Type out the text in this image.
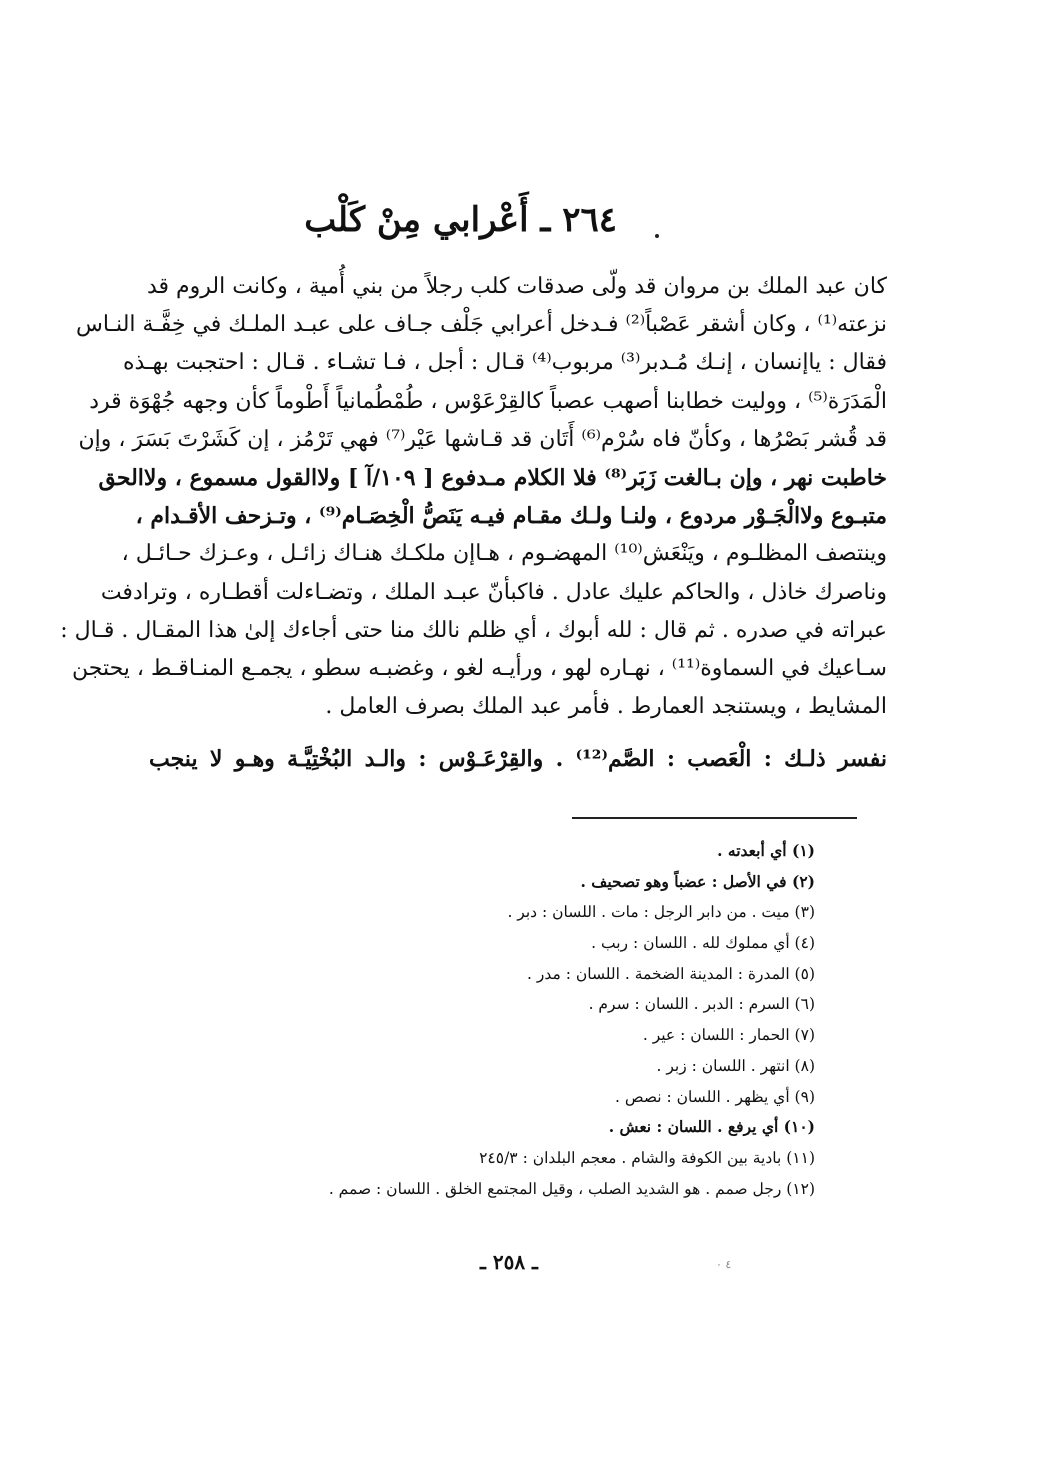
٢٦٤ ـ أَعْرابي مِنْ كَلْب
كان عبد الملك بن مروان قد ولّى صدقات كلب رجلاً من بني أُمية ، وكانت الروم قد
نزعته⁽¹⁾ ، وكان أشقر عَصْباً⁽²⁾ فـدخل أعرابي جَلْف جـاف على عبـد الملـك في خِفَّـة النـاس
فقال : ياإنسان ، إنـك مُـدبر⁽³⁾ مربوب⁽⁴⁾ قـال : أجل ، فـا تشـاء . قـال : احتجبت بهـذه
الْمَدَرَة⁽⁵⁾ ، ووليت خطابنا أصهب عصباً كالقِرْعَوْس ، طُمْطُمانياً أَطْوماً كأن وجهه جُهْوَة قرد
قد قُشر بَصْرُها ، وكأنّ فاه سُرْم⁽⁶⁾ أَتَان قد قـاشها عَيْر⁽⁷⁾ فهي تَرْمُز ، إن كَشَرْتَ بَسَرَ ، وإن
خاطبت نهر ، وإن بـالغت زَبَر⁽⁸⁾ فلا الكلام مـدفوع [ ١٠٩/آ ] ولاالقول مسموع ، ولاالحق
متبـوع ولاالْجَـوْر مردوع ، ولنـا ولـك مقـام فيـه يَنَصُّ الْخِصَـام⁽⁹⁾ ، وتـزحف الأقـدام ،
وينتصف المظلـوم ، ويَنْعَش⁽¹⁰⁾ المهضـوم ، هـاإن ملكـك هنـاك زائـل ، وعـزك حـائـل ،
وناصرك خاذل ، والحاكم عليك عادل . فاكبأنّ عبـد الملك ، وتضـاءلت أقطـاره ، وترادفت
عبراته في صدره . ثم قال : لله أبوك ، أي ظلم نالك منا حتى أجاءك إلىٰ هذا المقـال . قـال :
سـاعيك في السماوة⁽¹¹⁾ ، نهـاره لهو ، ورأيـه لغو ، وغضبـه سطو ، يجمـع المنـاقـط ، يحتجن
المشايط ، ويستنجد العمارط . فأمر عبد الملك بصرف العامل .
نفسر ذلـك : الْعَصب : الصَّم⁽¹²⁾ . والقِرْعَـوْس : والـد البُخْتِيَّـة وهـو لا ينجب
(١) أي أبعدته .
(٢) في الأصل : عضباً وهو تصحيف .
(٣) ميت . من دابر الرجل : مات . اللسان : دبر .
(٤) أي مملوك لله . اللسان : ربب .
(٥) المدرة : المدينة الضخمة . اللسان : مدر .
(٦) السرم : الدبر . اللسان : سرم .
(٧) الحمار : اللسان : عير .
(٨) انتهر . اللسان : زبر .
(٩) أي يظهر . اللسان : نصص .
(١٠) أي يرفع . اللسان : نعش .
(١١) بادية بين الكوفة والشام . معجم البلدان : ٢٤٥/٣
(١٢) رجل صمم . هو الشديد الصلب ، وقيل المجتمع الخلق . اللسان : صمم .
ـ ٢٥٨ ـ	٤ ٠
